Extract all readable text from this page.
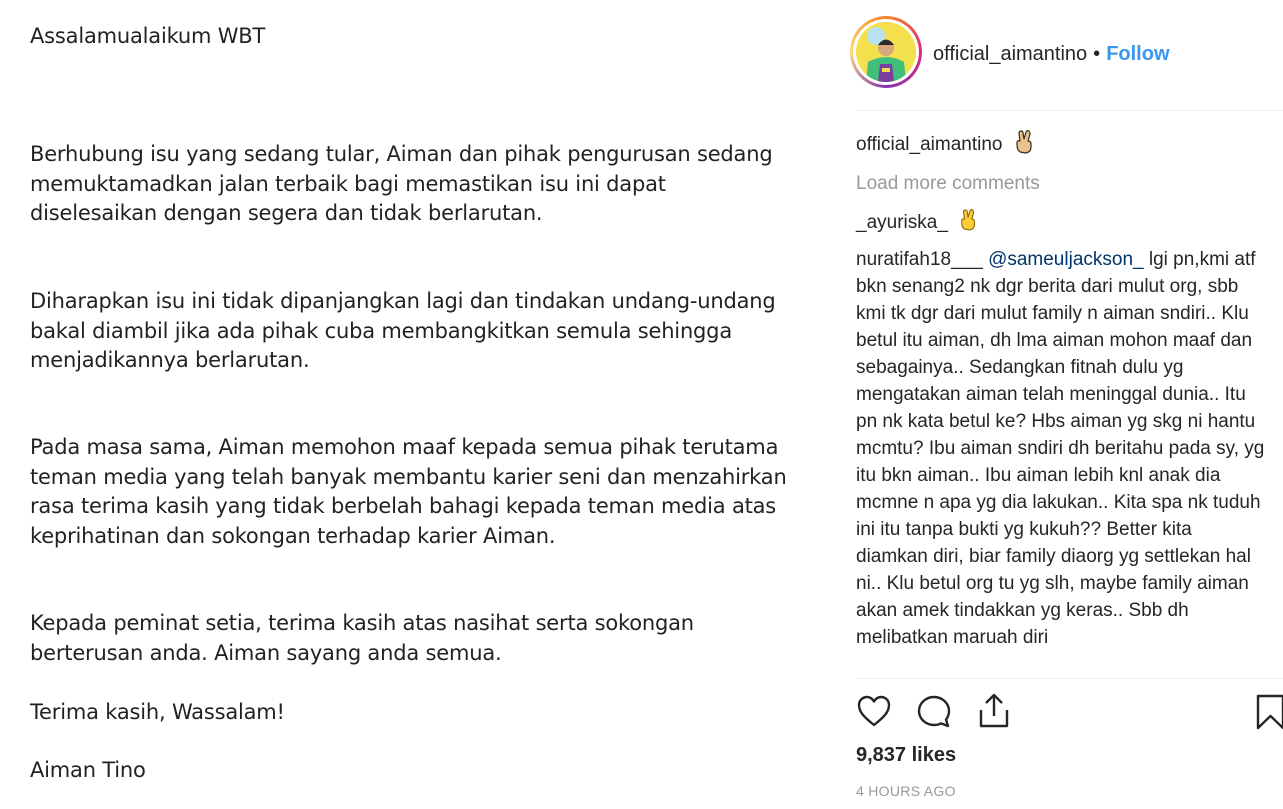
Assalamualaikum WBT
Berhubung isu yang sedang tular, Aiman dan pihak pengurusan sedang
memuktamadkan jalan terbaik bagi memastikan isu ini dapat
diselesaikan dengan segera dan tidak berlarutan.
Diharapkan isu ini tidak dipanjangkan lagi dan tindakan undang-undang
bakal diambil jika ada pihak cuba membangkitkan semula sehingga
menjadikannya berlarutan.
Pada masa sama, Aiman memohon maaf kepada semua pihak terutama
teman media yang telah banyak membantu karier seni dan menzahirkan
rasa terima kasih yang tidak berbelah bahagi kepada teman media atas
keprihatinan dan sokongan terhadap karier Aiman.
Kepada peminat setia, terima kasih atas nasihat serta sokongan
berterusan anda. Aiman sayang anda semua.
Terima kasih, Wassalam!
Aiman Tino
official_aimantino • Follow
official_aimantino
Load more comments
_ayuriska_

nuratifah18___ @sameuljackson_ lgi pn,kmi atf bkn senang2 nk dgr berita dari mulut org, sbb kmi tk dgr dari mulut family n aiman sndiri.. Klu betul itu aiman, dh lma aiman mohon maaf dan sebagainya.. Sedangkan fitnah dulu yg mengatakan aiman telah meninggal dunia.. Itu pn nk kata betul ke? Hbs aiman yg skg ni hantu mcmtu? Ibu aiman sndiri dh beritahu pada sy, yg itu bkn aiman.. Ibu aiman lebih knl anak dia mcmne n apa yg dia lakukan.. Kita spa nk tuduh ini itu tanpa bukti yg kukuh?? Better kita diamkan diri, biar family diaorg yg settlekan hal ni.. Klu betul org tu yg slh, maybe family aiman akan amek tindakkan yg keras.. Sbb dh melibatkan maruah diri

9,837 likes
4 HOURS AGO
